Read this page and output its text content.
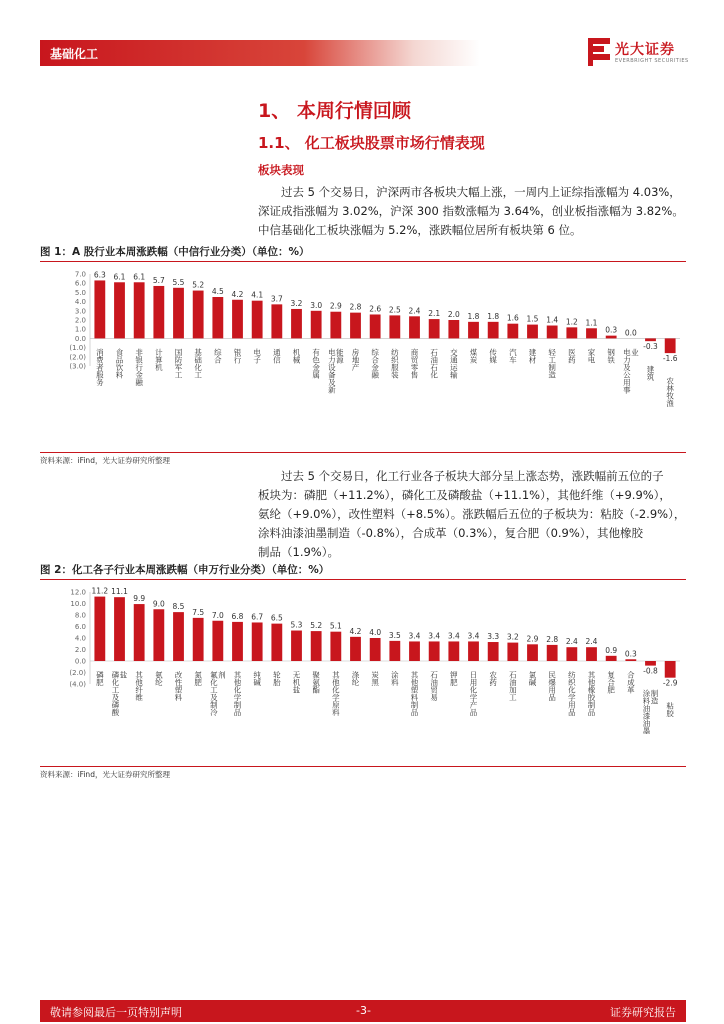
基础化工	光大证券
EVERBRIGHT SECURITIES
1、 本周行情回顾
1.1、 化工板块股票市场行情表现
板块表现
　　过去 5 个交易日，沪深两市各板块大幅上涨，一周内上证综指涨幅为 4.03%，
深证成指涨幅为 3.02%，沪深 300 指数涨幅为 3.64%，创业板指涨幅为 3.82%。
中信基础化工板块涨幅为 5.2%，涨跌幅位居所有板块第 6 位。
图 1：A 股行业本周涨跌幅（中信行业分类）（单位：%）
7.0
6.0
5.0
4.0
3.0
2.0
1.0
0.0
(1.0)
(2.0)
(3.0)
6.3
消费者服务
6.1
食品饮料
6.1
非银行金融
5.7
计算机
5.5
国防军工
5.2
基础化工
4.5
综合
4.2
银行
4.1
电子
3.7
通信
3.2
机械
3.0
有色金属
2.9
电力设备及新 能源
2.8
房地产
2.6
综合金融
2.5
纺织服装
2.4
商贸零售
2.1
石油石化
2.0
交通运输
1.8
煤炭
1.8
传媒
1.6
汽车
1.5
建材
1.4
轻工制造
1.2
医药
1.1
家电
0.3
钢铁
0.0
电力及公用事 业
-0.3
建筑
-1.6
农林牧渔
资料来源：iFind，光大证券研究所整理
　　过去 5 个交易日，化工行业各子板块大部分呈上涨态势，涨跌幅前五位的子
板块为：磷肥（+11.2%），磷化工及磷酸盐（+11.1%），其他纤维（+9.9%），
氨纶（+9.0%），改性塑料（+8.5%）。涨跌幅后五位的子板块为：粘胶（-2.9%），
涂料油漆油墨制造（-0.8%），合成革（0.3%），复合肥（0.9%），其他橡胶
制品（1.9%）。
图 2：化工各子行业本周涨跌幅（申万行业分类）（单位：%）
12.0
10.0
8.0
6.0
4.0
2.0
0.0
(2.0)
(4.0)
11.2
磷肥
11.1
磷化工及磷酸 盐
9.9
其他纤维
9.0
氨纶
8.5
改性塑料
7.5
氮肥
7.0
氟化工及制冷 剂
6.8
其他化学制品
6.7
纯碱
6.5
轮胎
5.3
无机盐
5.2
聚氨酯
5.1
其他化学原料
4.2
涤纶
4.0
炭黑
3.5
涂料
3.4
其他塑料制品
3.4
石油贸易
3.4
钾肥
3.4
日用化学产品
3.3
农药
3.2
石油加工
2.9
氯碱
2.8
民爆用品
2.4
纺织化学用品
2.4
其他橡胶制品
0.9
复合肥
0.3
合成革 -0.8
涂料油漆油墨 制造
-2.9
粘胶
资料来源：iFind，光大证券研究所整理
敬请参阅最后一页特别声明	-3-	证券研究报告
